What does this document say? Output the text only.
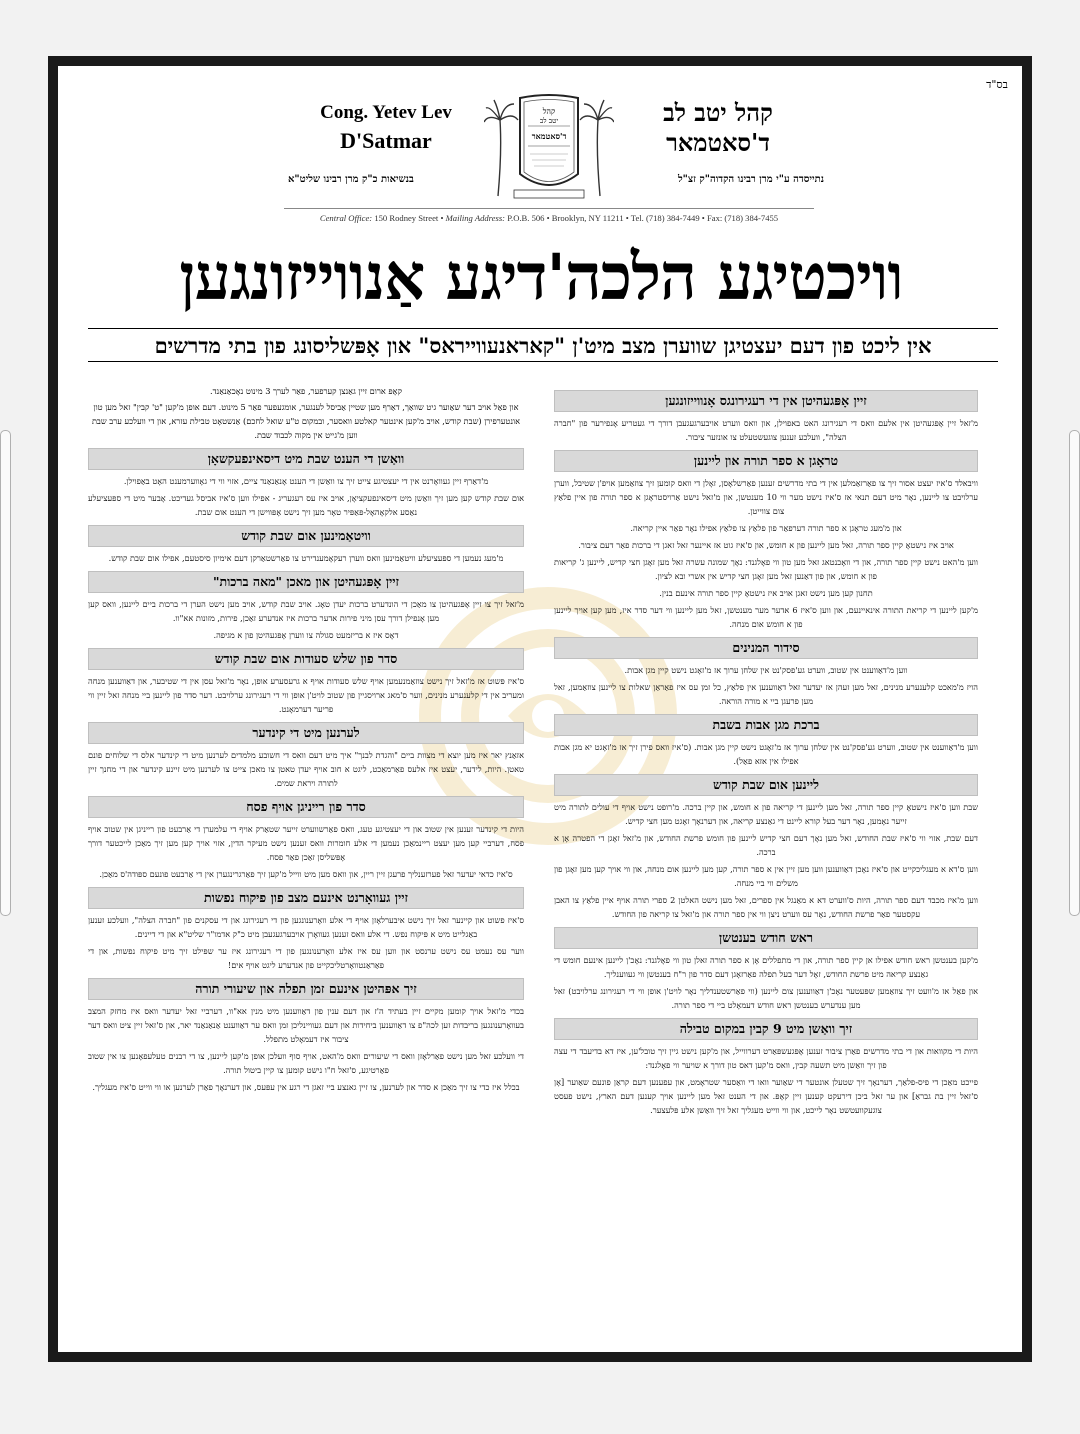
בס"ד
Cong. Yetev Lev
D'Satmar
קהל
יטב לב
ד'סאטמאר
קהל יטב לב
ד'סאטמאר
בנשיאות כ"ק מרן רבינו שליט"א	נתייסדה ע"י מרן רבינו הקדוה"ק זצ"ל
Central Office: 150 Rodney Street • Mailing Address: P.O.B. 506 • Brooklyn, NY 11211 • Tel. (718) 384-7449 • Fax: (718) 384-7455
וויכטיגע הלכה'דיגע אַנווייזונגען
אין ליכט פון דעם יעצטיגן שווערן מצב מיט'ן "קאראנעווייראס" און אָפּשליסונג פון בתי מדרשים
זיין אָפּגעהיטן אין די רעגירונגס אָנווייזונגען
מ'זאל זיין אָפּגעהיטן אין אלעם וואס די רעגירונג האט באפוילן, און וואס ווערט אויבערגעגעבן דורך די געטריע אָנפירער פון "חברה הצלה", וועלכע זענען צוגעשטעלט צו אונזער ציבור.
טראָגן א ספר תורה און ליינען
וויבאלד ס'איז יעצט אסור זיך צו פאַרזאַמלען אין די בתי מדרשים זענען פאַרשלאָסן, זאָלן די וואס קומען זיך צוזאַמען אויפ'ן שטיבל, ווערן ערלויבט צו ליינען, נאָר מיט דעם תנאי אז ס'איז נישט מער ווי 10 מענטשן, און מ'זאל נישט אַרויסטראָגן א ספר תורה פון איין פלאַץ צום צווייטן.
און מ'מעג טראָגן א ספר תורה דערפאַר פון פלאַץ צו פלאַץ אפילו נאָר פאַר איין קריאה.
אויב איז נישטאָ קיין ספר תורה, זאל מען ליינען פון א חומש, און ס'איז גוט אז איינער זאל זאגן די ברכות פאַר דעם ציבור.
ווען מ'האט נישט קיין ספר תורה, און די וואָכנטאג זאל מען טון ווי פאָלגנד: נאָך שמונה עשרה זאל מען זאָגן חצי קדיש, ליינען ג' קריאות פון א חומש, און פון דאַנען זאל מען זאָגן חצי קדיש אין אשרי ובא לציון.
תחנון קען מען נישט זאגן אויב איז נישטאָ קיין ספר תורה אינעם בנין.
מ'קען ליינען די קריאת התורה אינאיינעם, און ווען ס'איז 6 אדער מער מענטשן, זאל מען ליינען ווי דער סדר איז, מען קען אויך ליינען פון א חומש אום מנחה.
סידור המנינים
ווען מ'דאַווענט אין שטוב, ווערט גע'פסק'נט אין שלחן ערוך אז מ'זאָגט נישט קיין מגן אבות.
הויז מ'מאכט קלענערע מנינים, זאל מען זעהן אז יעדער זאל דאַווענען אין פלאַץ, כל זמן עס איז פאַראַן שאלות צו ליינען צוזאַמען, זאל מען פרעגן ביי א מורה הוראה.
ברכת מגן אבות בשבת
ווען מ'דאַווענט אין שטוב, ווערט גע'פסק'נט אין שלחן ערוך אז מ'זאָגט נישט קיין מגן אבות. (ס'איז וואס פירן זיך אז מ'זאָגט יא מגן אבות אפילו אין אזא פאַל).
ליינען אום שבת קודש
שבת ווען ס'איז נישטאָ קיין ספר תורה, זאל מען ליינען די קריאה פון א חומש, און קיין ברכה. מ'רופט נישט אויף די עולים לתורה מיט זייער נאָמען, נאָר דער בעל קורא ליינט די גאַנצע קריאה, און דערנאָך זאָגט מען חצי קדיש.
דעם שבת, אזוי ווי ס'איז שבת החודש, זאל מען נאָך דעם חצי קדיש ליינען פון חומש פרשת החודש, און מ'זאל זאָגן די הפטרה אָן א ברכה.
ווען ס'דא א מעגליכקייט און ס'איז נאָכן דאַווענען ווען מען זיין אין א ספר תורה, קען מען ליינען אום מנחה, און ווי אויך קען מען זאָגן פון משלים ווי ביי מנחה.
ווען מ'איז מכבד דעם ספר תורה, היות ס'ווערט דא א מאַנגל אין ספרים, זאל מען נישט האלטן 2 ספרי תורה אויף איין פלאַץ צו האבן עקסטער פאַר פרשת החודש, נאָר עס ווערט ניצן ווי אין ספר תורה און מ'זאל צו קריאה פון החודש.
ראש חודש בענטשן
מ'קען בענטשן ראש חודש אפילו אן קיין ספר תורה, און די מתפללים אָן א ספר תורה זאלן טון ווי פאָלגנד: נאָכ'ן ליינען אינעם חומש די גאַנצע קריאה מיט פרשת החודש, זאָל דער בעל תפלה פאַרזאָגן דעם סדר פון ר"ח בענטשן ווי געווענליך.
און פאַל אז מ'וועט זיך צוזאַמען שפּעטער נאָכ'ן דאַווענען צום ליינען (ווי פאַרשטענדליך נאָר לויט'ן אופן ווי די רעגירונג ערלויבט) זאל מען ענדערש בענטשן ראש חודש דעמאָלט ביי די ספר תורה.
זיך וואַשן מיט 9 קבין במקום טבילה
היות די מקוואות און די בתי מדרשים פאַרן ציבור זענען אָפּגעשפּאַרט דערווייל, און מ'קען נישט גיין זיך טובל'ען, איז דא בדיעבד די עצה פון זיך וואַשן מיט תשעה קבין, וואס מ'קען דאס טון דורך א שויער ווי פאָלגנד:
פייכט מאַכן די פיס-פלאַך, דערנאָך זיך שטעלן אונטער די שאַוער וואו די וואַסער שטראָמט, און עפענען דעם קראַן פונעם שאַוער [אָן ס'זאל זיין בת גבראַ] און ער זאל ביכן דירעקט קענען זיין קאָפּ. און די הענט זאל מען ליינען אויך קענען דעם הארץ, נישט פעסט צוגעקוועטשט נאָר לייכט, און ווי ווייט מעגליך זאל זיך וואַשן אלע פּלעצער.
קאָפּ ארום זיין גאַנצן קערפער, פאַר לערך 3 מינוט נאָכאַנאַנד.
און פאַל אויב דער שאַוער גיט שוואַך, דאַרף מען שטיין אַביסל לענגער, אומגעפער פאַר 5 מינוט. דעם אופן מ'קען "ט' קבין" זאל מען טון אונטערפירן (שבת קודש, אויב מ'קען אינטער קאלטע וואסער, ובמקום ט"ע שואל לחכם) אַנשטאָט טבילת עזרא, און די וועלכע ערב שבת ווען מ'גייט אין מקוה לכבוד שבת.
וואַשן די הענט שבת מיט דיסאינפעקשאָן
מ'דאַרף זיין געוואָרנט אין די יעצטיגע צייט זיך צו וואַשן די הענט אָנאַנאַנד ציים, אזוי ווי די גאָווערמענט האָט באַפוילן.
אום שבת קודש קען מען זיך וואַשן מיט דיסאינפעקציאָן, אויב איז עס רעגעריג - אפילו ווען ס'איז אביסל געדיכט. אָבער מיט די ספּעציעלע נאַסע אלקאָהאָל-פּאַפּיר טאָר מען זיך נישט אָפּווישן די הענט אום שבת.
וויטאַמינען אום שבת קודש
מ'מעג נעמען די ספּעציעלע וויטאַמינען וואס ווערן רעקאָמענדירט צו פאַרשטאַרקן דעם אימיון סיסטעם, אפילו אום שבת קודש.
זיין אָפּגעהיטן און מאכן "מאה ברכות"
מ'זאל זיך צו זיין אָפּגעהיטן צו מאַכן די הונדערט ברכות יעדן טאָג. אויב שבת קודש, אויב מען נישט הערן די ברכות ביים ליינען, וואס קען מען אָנפילן דורך עסן מיני פירות אדער ברכות איז אנדערע זאַכן, פירות, מזונות אא"וו.
דאָס איז א בריזמעט סגולה צו ווערן אָפּגעהיטן פון א מגיפה.
סדר פון שלש סעודות אום שבת קודש
ס'איז פּשוט אז מ'זאל זיך נישט צוזאַמנעמען אויף שלש סעודות אויף א גרעסערע אופן, נאָר מ'זאל עסן אין די שטיבער, און דאַווענען מנחה ומעריב אין די קלענערע מנינים, ווער ס'מאג ארויסגיין פון שטוב לויט'ן אופן ווי די רעגירונג ערלויבט. דער סדר פון ליינען ביי מנחה זאל זיין ווי פריער דערמאָנט.
לערנען מיט די קינדער
אזאַנץ יאר איז מען יוצא די מצוות ביים "והגדת לבנך" איך מיט דעם וואס די חשובע מלמדים לערנען מיט די קינדער אלס די שלוחים פונם טאטן. היות, לידער, יעצט איז אלעס פאַרמאַכט, ליגט א חוב אויף יעדן טאטן צו מאכן צייט צו לערנען מיט זיינע קינדער און די מחנך זיין לתורה ויראת שמים.
סדר פון רייניגן אויף פסח
היות די קינדער זענען אין שטוב און די יעצטיגע טעג, וואס פאַרשווערט זייער שטאַרק אויף די עלמערן די אַרבעט פון רייניגן אין שטוב אויף פסח, דערביי קען מען יעצט ריינמאַכן נעמען די אלע חומרות וואס זענען נישט מעיקר הדין, אזוי אויך קען מען זיך מאַכן לייכטער דורך אָפּשליסן זאַכן פאַר פסח.
ס'איז כדאי יעדער זאל פערזענליך פרעגן זיין ריין, און וואס מען מיט ווייל מ'קען זיך פאַרגרינגערן אין די אַרבעט פונעם ספּודה'ס מאַכן.
זיין געוואָרנט אינעם מצב פון פיקוח נפשות
ס'איז פשוט און קיינער זאל זיך נישט איבערלאָזן אויף די אלע וואָרענונגען פון די רעגירונג און די עסקנים פון "חברה הצלה", וועלכע זענען באַגלייט מיט א פּיקוח נפש. די אלע וואס זענען געוואָרן אויבערגעגעבן מיט כ"ק אדמו"ר שליט"א און די דיינים.
ווער עס נעמט עס נישט ערנסט און ווען עס איז אלע וואָרענונגען פון די רעגירונג איז ער שפּילט זיך מיט פיקוח נפשות, און די פאַראַנטוואָרטליכקייט פון אנדערע ליגט אויף אים!
זיך אפּהיטן אינעם זמן תפלה און שיעורי תורה
בכדי מ'זאל אויך קומען מקיים זיין בעתיד ה'ז און דעם ענין פון דאַווענען מיט מנין אא"וו, דערביי זאל יעדער וואס איז מחזק המצב בעוואָרענונגען בריבדות זען לכה"פ צו דאַווענען ביחידות און דעם געוויינליכן זמן וואס ער דאַווענט אַנאַנאַנד יאר, און ס'זאל זיין ציט וואס דער ציבור איז דעמאָלט מתפלל.
די וועלכע זאל מען נישט פאַרלאָזן וואס די שיעורים וואס מ'האט, אויף סוף וועלכן אופן מ'קען ליינען, צו די רבנים טעלעפאָנען צו אין שטוב פאַרטיגע, ס'זאל ח"ו נישט קומען צו קיין ביטול תורה.
בכלל איז כדי צו זיך מאַכן א סדר און לערנען, צו זיין גאנצע ביי זאגן די רגע אין עפּעס, און דערנאָך פאַרן לערנען או ווי ווייט ס'איז מעגליך.
